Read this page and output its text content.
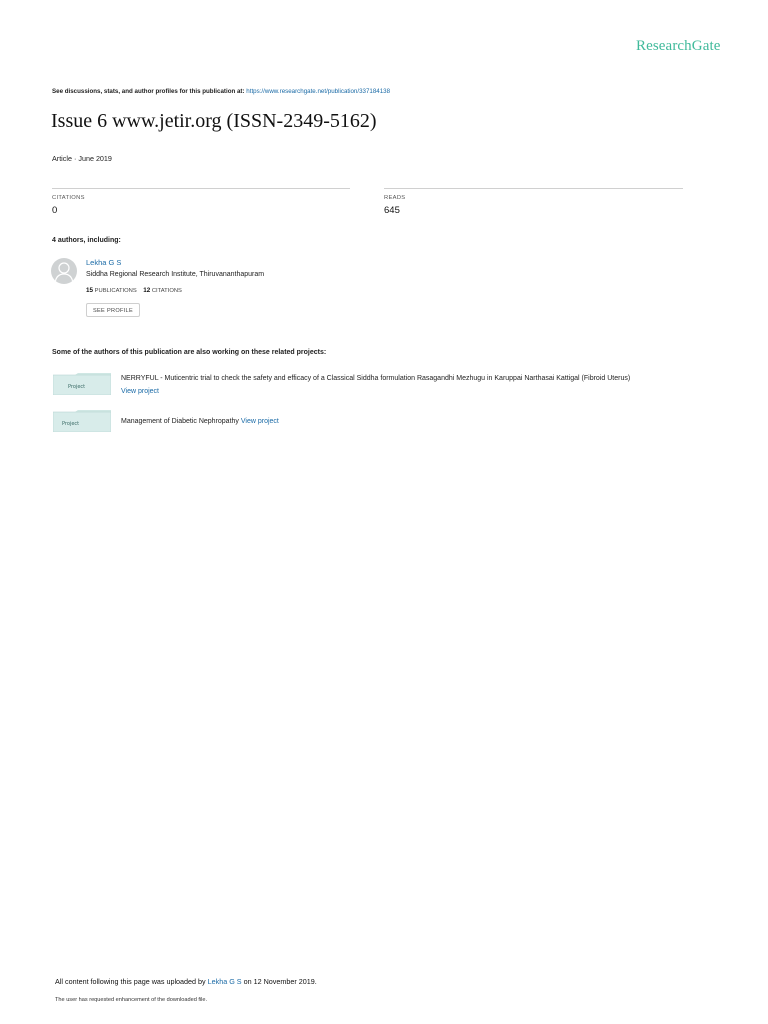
ResearchGate
See discussions, stats, and author profiles for this publication at: https://www.researchgate.net/publication/337184138
Issue 6 www.jetir.org (ISSN-2349-5162)
Article · June 2019
CITATIONS
0
READS
645
4 authors, including:
Lekha G S
Siddha Regional Research Institute, Thiruvananthapuram
15 PUBLICATIONS 12 CITATIONS
SEE PROFILE
Some of the authors of this publication are also working on these related projects:
Project
NERRYFUL - Muticentric trial to check the safety and efficacy of a Classical Siddha formulation Rasagandhi Mezhugu in Karuppai Narthasai Kattigal (Fibroid Uterus)
View project
Project	Management of Diabetic Nephropathy View project
All content following this page was uploaded by Lekha G S on 12 November 2019.
The user has requested enhancement of the downloaded file.
